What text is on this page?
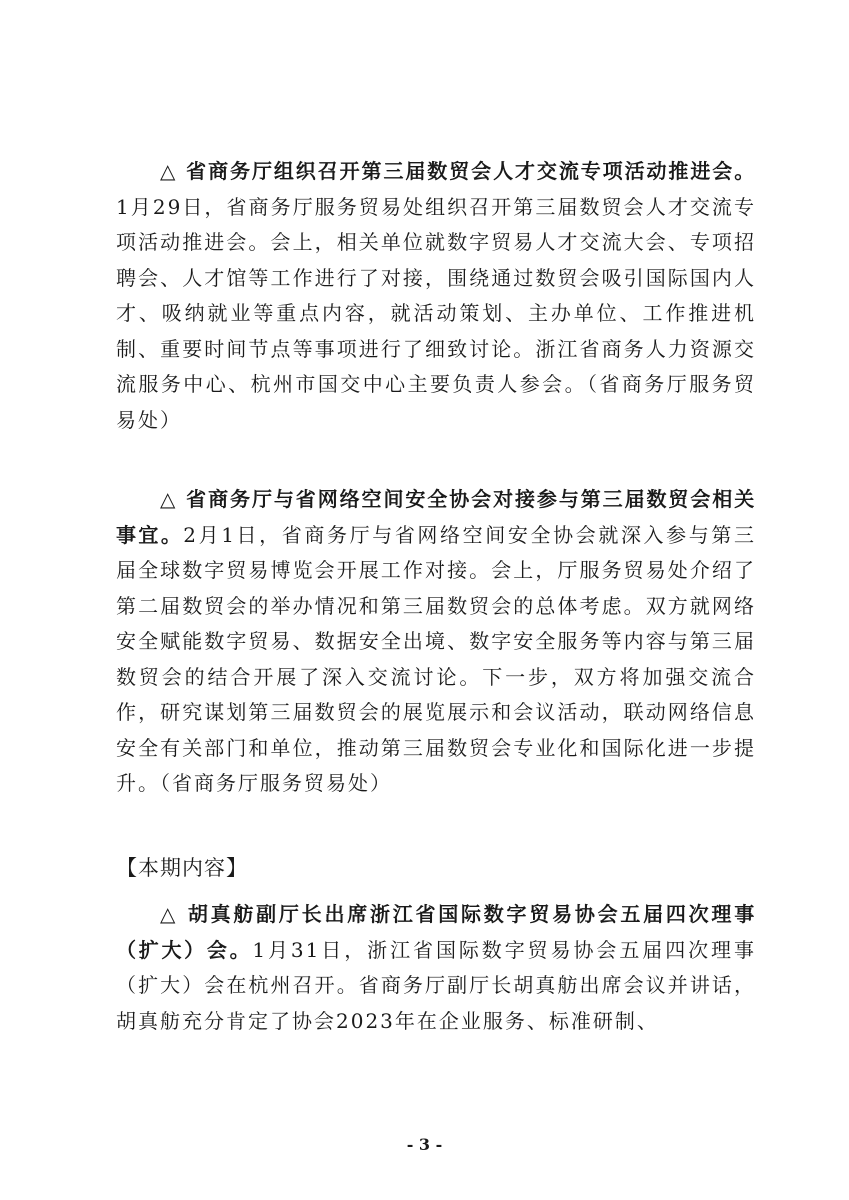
△ 省商务厅组织召开第三届数贸会人才交流专项活动推进会。1月29日，省商务厅服务贸易处组织召开第三届数贸会人才交流专项活动推进会。会上，相关单位就数字贸易人才交流大会、专项招聘会、人才馆等工作进行了对接，围绕通过数贸会吸引国际国内人才、吸纳就业等重点内容，就活动策划、主办单位、工作推进机制、重要时间节点等事项进行了细致讨论。浙江省商务人力资源交流服务中心、杭州市国交中心主要负责人参会。（省商务厅服务贸易处）

△ 省商务厅与省网络空间安全协会对接参与第三届数贸会相关事宜。2月1日，省商务厅与省网络空间安全协会就深入参与第三届全球数字贸易博览会开展工作对接。会上，厅服务贸易处介绍了第二届数贸会的举办情况和第三届数贸会的总体考虑。双方就网络安全赋能数字贸易、数据安全出境、数字安全服务等内容与第三届数贸会的结合开展了深入交流讨论。下一步，双方将加强交流合作，研究谋划第三届数贸会的展览展示和会议活动，联动网络信息安全有关部门和单位，推动第三届数贸会专业化和国际化进一步提升。（省商务厅服务贸易处）

【本期内容】

△ 胡真舫副厅长出席浙江省国际数字贸易协会五届四次理事（扩大）会。1月31日，浙江省国际数字贸易协会五届四次理事（扩大）会在杭州召开。省商务厅副厅长胡真舫出席会议并讲话，胡真舫充分肯定了协会2023年在企业服务、标准研制、

- 3 -
